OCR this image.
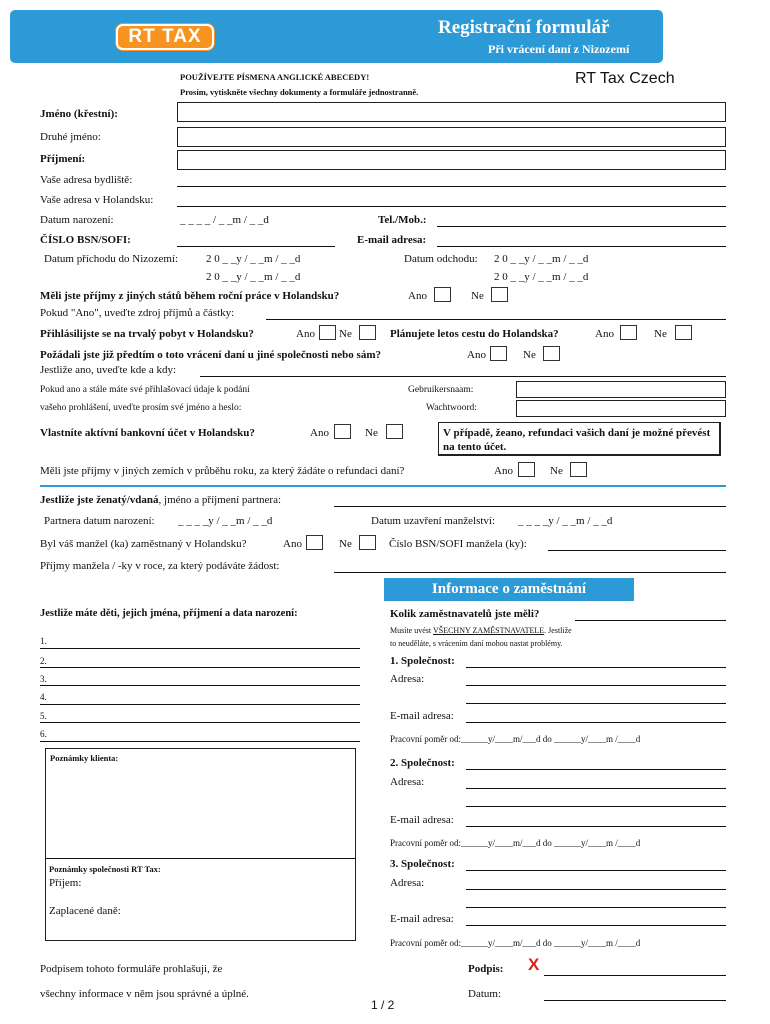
RT TAX	Registrační formulář
Při vrácení daní z Nizozemí
POUŽÍVEJTE PÍSMENA ANGLICKÉ ABECEDY!
Prosím, vytiskněte všechny dokumenty a formuláře jednostranně.
RT Tax Czech
Jméno (křestní):
Druhé jméno:
Příjmení:
Vaše adresa bydliště:
Vaše adresa v Holandsku:
Datum narození:	_ _ _ _ / _ _m / _ _d	Tel./Mob.:
ČÍSLO BSN/SOFI:	E-mail adresa:
Datum příchodu do Nizozemí:	2 0 _ _y / _ _m / _ _d
2 0 _ _y / _ _m / _ _d
Datum odchodu: 2 0 _ _y / _ _m / _ _d
2 0 _ _y / _ _m / _ _d
Měli jste příjmy z jiných států během roční práce v Holandsku?	Ano	Ne
Pokud "Ano", uveďte zdroj příjmů a částky:
Přihlásilijste se na trvalý pobyt v Holandsku?	Ano Ne	Plánujete letos cestu do Holandska?	Ano	Ne
Požádali jste již předtím o toto vrácení daní u jiné společnosti nebo sám?	Ano	Ne
Jestliže ano, uveďte kde a kdy:
Pokud ano a stále máte své přihlašovací údaje k podání
vašeho prohlášení, uveďte prosím své jméno a heslo:
Gebruikersnaam:
Wachtwoord:
Vlastníte aktívní bankovní účet v Holandsku?	Ano	Ne	V případě, žeano, refundaci vašich daní je možné převést na tento účet.
Měli jste příjmy v jiných zemích v průběhu roku, za který žádáte o refundaci daní?	Ano	Ne
Jestliže jste ženatý/vdaná, jméno a příjmení partnera:
Partnera datum narození: _ _ _ _y / _ _m / _ _d	Datum uzavření manželství: _ _ _ _y / _ _m / _ _d
Byl váš manžel (ka) zaměstnaný v Holandsku?	Ano	Ne	Číslo BSN/SOFI manžela (ky):
Příjmy manžela / -ky v roce, za který podáváte žádost:
Informace o zaměstnání
Jestliže máte děti, jejich jména, příjmení a data narození:
1.
2.
3.
4.
5.
6.
Poznámky klienta:
Poznámky společnosti RT Tax:
Příjem:
Zaplacené daně:
Kolik zaměstnavatelů jste měli?
Musíte uvést VŠECHNY ZAMĚSTNAVATELE. Jestliže
to neuděláte, s vrácením daní mohou nastat problémy.
1. Společnost:
Adresa:
E-mail adresa:
Pracovní poměr od:______y/____m/___d do ______y/____m /____d
2. Společnost:
Adresa:
E-mail adresa:
Pracovní poměr od:______y/____m/___d do ______y/____m /____d
3. Společnost:
Adresa:
E-mail adresa:
Pracovní poměr od:______y/____m/___d do ______y/____m /____d
Podpisem tohoto formuláře prohlašuji, že
všechny informace v něm jsou správné a úplné.
Podpis: X
Datum:
1 / 2
